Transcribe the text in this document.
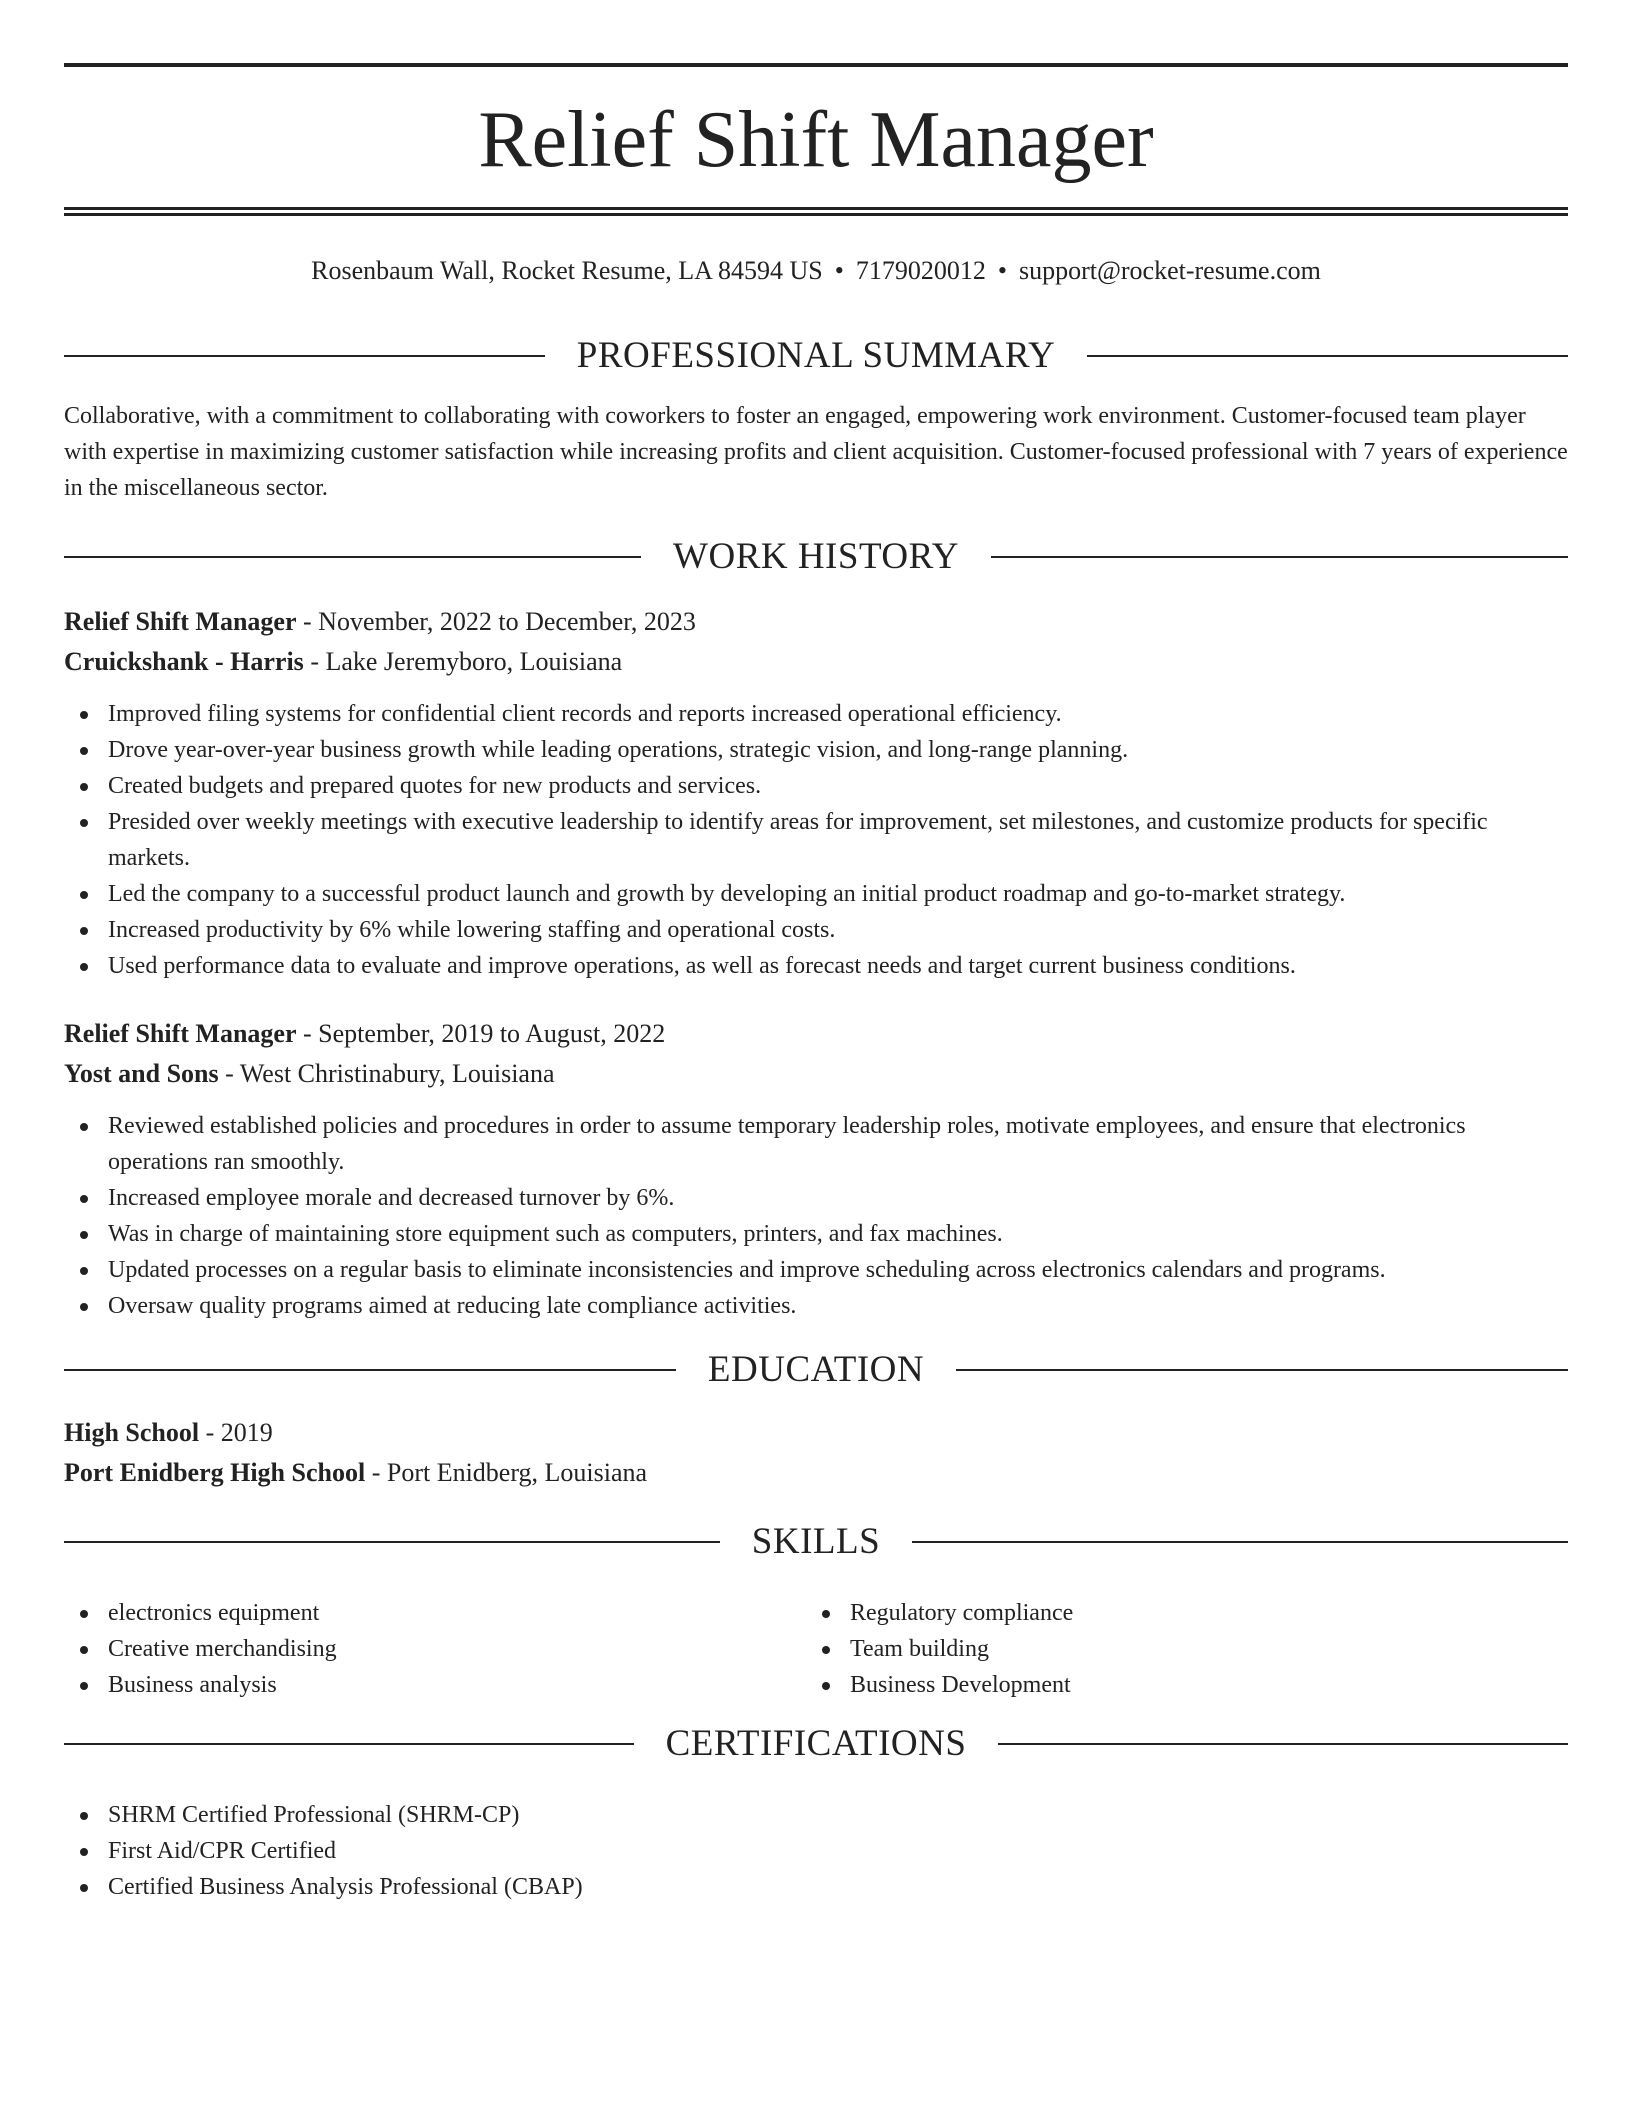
Relief Shift Manager
Rosenbaum Wall, Rocket Resume, LA 84594 US • 7179020012 • support@rocket-resume.com
PROFESSIONAL SUMMARY
Collaborative, with a commitment to collaborating with coworkers to foster an engaged, empowering work environment. Customer-focused team player with expertise in maximizing customer satisfaction while increasing profits and client acquisition. Customer-focused professional with 7 years of experience in the miscellaneous sector.
WORK HISTORY
Relief Shift Manager - November, 2022 to December, 2023
Cruickshank - Harris - Lake Jeremyboro, Louisiana
Improved filing systems for confidential client records and reports increased operational efficiency.
Drove year-over-year business growth while leading operations, strategic vision, and long-range planning.
Created budgets and prepared quotes for new products and services.
Presided over weekly meetings with executive leadership to identify areas for improvement, set milestones, and customize products for specific markets.
Led the company to a successful product launch and growth by developing an initial product roadmap and go-to-market strategy.
Increased productivity by 6% while lowering staffing and operational costs.
Used performance data to evaluate and improve operations, as well as forecast needs and target current business conditions.
Relief Shift Manager - September, 2019 to August, 2022
Yost and Sons - West Christinabury, Louisiana
Reviewed established policies and procedures in order to assume temporary leadership roles, motivate employees, and ensure that electronics operations ran smoothly.
Increased employee morale and decreased turnover by 6%.
Was in charge of maintaining store equipment such as computers, printers, and fax machines.
Updated processes on a regular basis to eliminate inconsistencies and improve scheduling across electronics calendars and programs.
Oversaw quality programs aimed at reducing late compliance activities.
EDUCATION
High School - 2019
Port Enidberg High School - Port Enidberg, Louisiana
SKILLS
electronics equipment
Creative merchandising
Business analysis
Regulatory compliance
Team building
Business Development
CERTIFICATIONS
SHRM Certified Professional (SHRM-CP)
First Aid/CPR Certified
Certified Business Analysis Professional (CBAP)
